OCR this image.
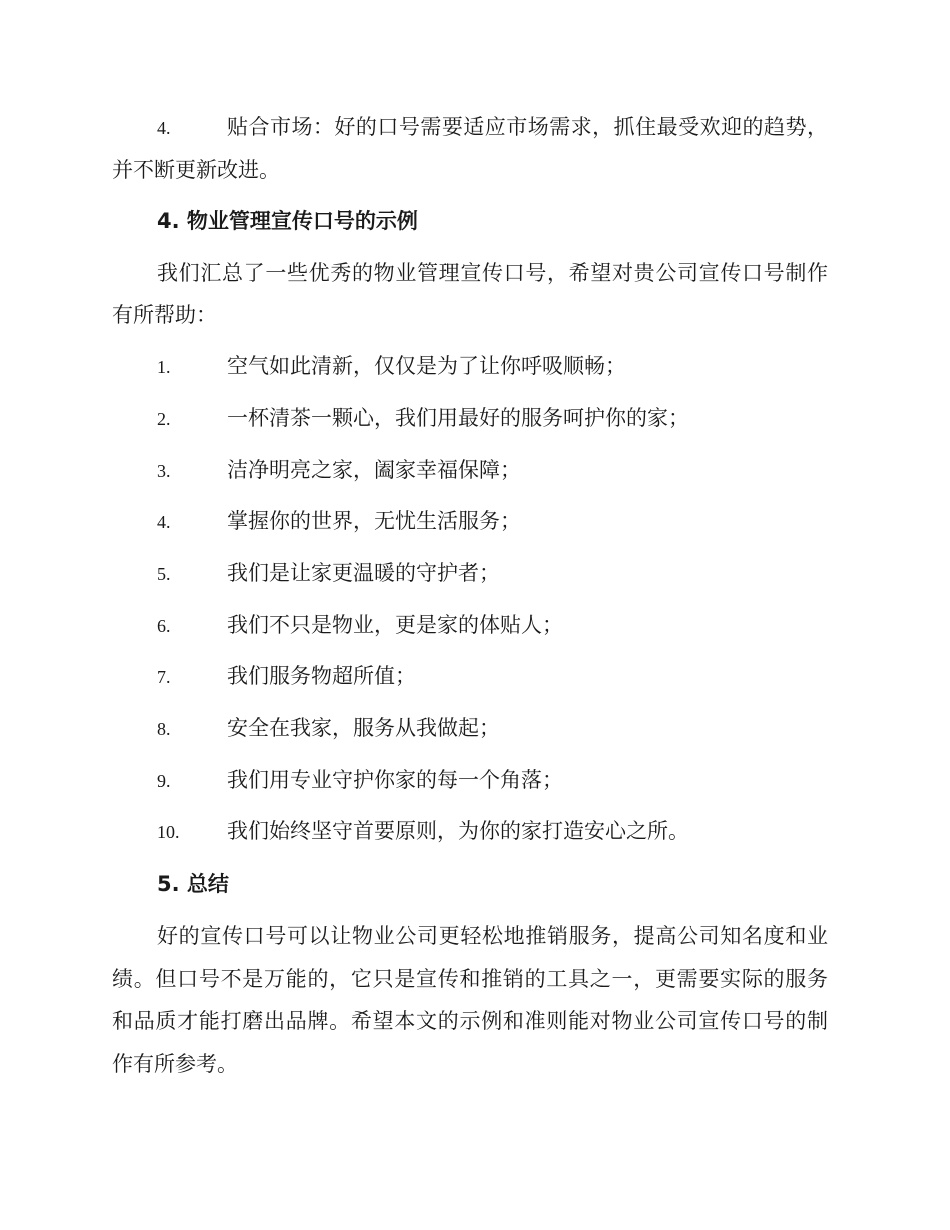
4.	贴合市场：好的口号需要适应市场需求，抓住最受欢迎的趋势，
并不断更新改进。
4. 物业管理宣传口号的示例
我们汇总了一些优秀的物业管理宣传口号，希望对贵公司宣传口号制作
有所帮助：
1.	空气如此清新，仅仅是为了让你呼吸顺畅；
2.	一杯清茶一颗心，我们用最好的服务呵护你的家；
3.	洁净明亮之家，阖家幸福保障；
4.	掌握你的世界，无忧生活服务；
5.	我们是让家更温暖的守护者；
6.	我们不只是物业，更是家的体贴人；
7.	我们服务物超所值；
8.	安全在我家，服务从我做起；
9.	我们用专业守护你家的每一个角落；
10. 我们始终坚守首要原则，为你的家打造安心之所。
5. 总结
好的宣传口号可以让物业公司更轻松地推销服务，提高公司知名度和业
绩。但口号不是万能的，它只是宣传和推销的工具之一，更需要实际的服务
和品质才能打磨出品牌。希望本文的示例和准则能对物业公司宣传口号的制
作有所参考。
